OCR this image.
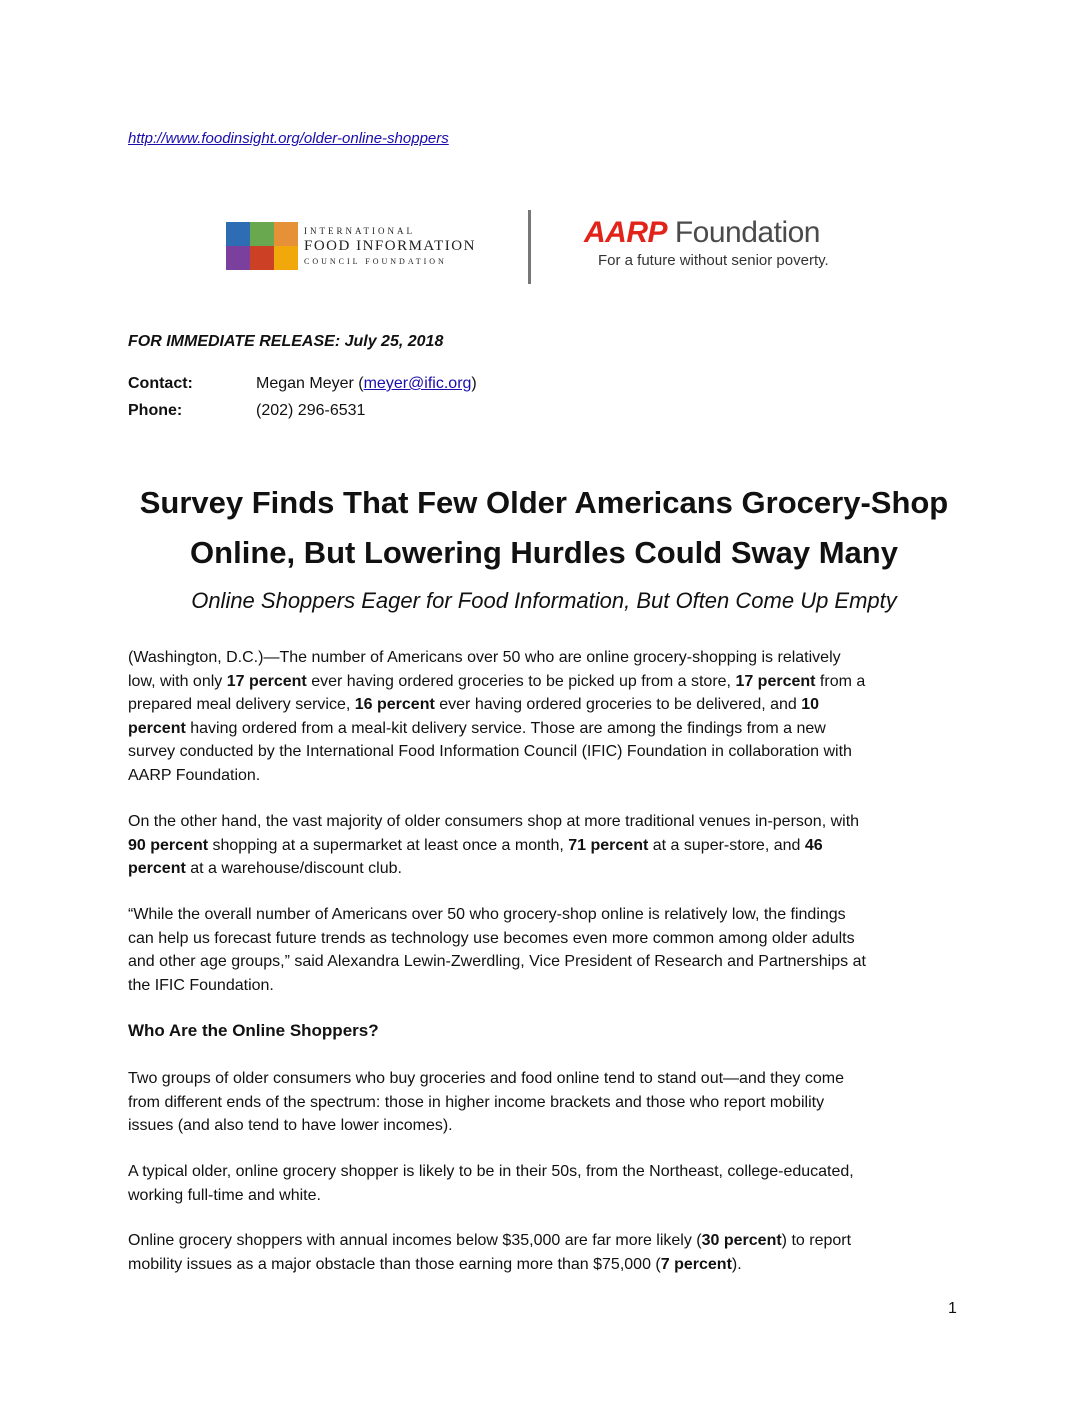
http://www.foodinsight.org/older-online-shoppers
INTERNATIONAL
FOOD INFORMATION
COUNCIL FOUNDATION
AARP Foundation
For a future without senior poverty.
FOR IMMEDIATE RELEASE: July 25, 2018
Contact:	Megan Meyer (meyer@ific.org)
Phone:	(202) 296-6531
Survey Finds That Few Older Americans Grocery-Shop
Online, But Lowering Hurdles Could Sway Many
Online Shoppers Eager for Food Information, But Often Come Up Empty
(Washington, D.C.)—The number of Americans over 50 who are online grocery-shopping is relatively
low, with only 17 percent ever having ordered groceries to be picked up from a store, 17 percent from a
prepared meal delivery service, 16 percent ever having ordered groceries to be delivered, and 10
percent having ordered from a meal-kit delivery service. Those are among the findings from a new
survey conducted by the International Food Information Council (IFIC) Foundation in collaboration with
AARP Foundation.
On the other hand, the vast majority of older consumers shop at more traditional venues in-person, with
90 percent shopping at a supermarket at least once a month, 71 percent at a super-store, and 46
percent at a warehouse/discount club.
“While the overall number of Americans over 50 who grocery-shop online is relatively low, the findings
can help us forecast future trends as technology use becomes even more common among older adults
and other age groups,” said Alexandra Lewin-Zwerdling, Vice President of Research and Partnerships at
the IFIC Foundation.
Who Are the Online Shoppers?
Two groups of older consumers who buy groceries and food online tend to stand out—and they come
from different ends of the spectrum: those in higher income brackets and those who report mobility
issues (and also tend to have lower incomes).
A typical older, online grocery shopper is likely to be in their 50s, from the Northeast, college-educated,
working full-time and white.
Online grocery shoppers with annual incomes below $35,000 are far more likely (30 percent) to report
mobility issues as a major obstacle than those earning more than $75,000 (7 percent).
1
